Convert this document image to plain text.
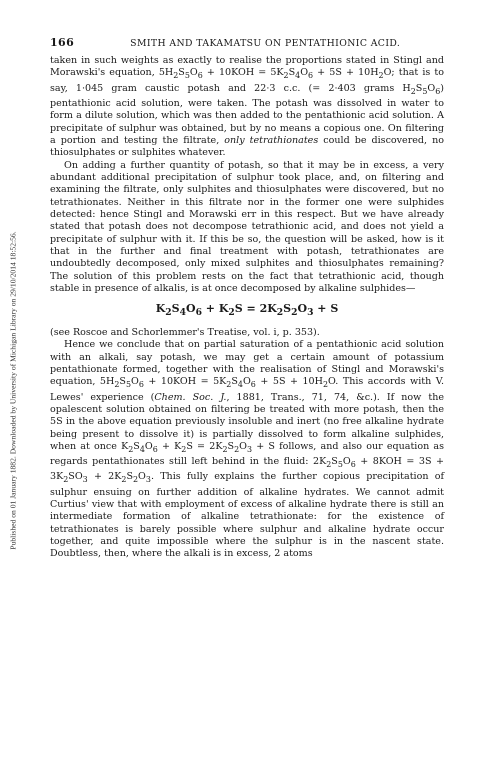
Published on 01 January 1882. Downloaded by University of Michigan Library on 29/10/2014 18:52:56.
166	SMITH AND TAKAMATSU ON PENTATHIONIC ACID.

taken in such weights as exactly to realise the proportions stated in Stingl and Morawski's equation, $5H_2S_5O_6 + 10KOH = 5K_2S_4O_6 + 5S + 10H_2O$; that is to say, 1·045 gram caustic potash and 22·3 c.c. (= 2·403 grams $H_2S_5O_6$) pentathionic acid solution, were taken. The potash was dissolved in water to form a dilute solution, which was then added to the pentathionic acid solution. A precipitate of sulphur was obtained, but by no means a copious one. On filtering a portion and testing the filtrate, only tetrathionates could be discovered, no thiosulphates or sulphites whatever.

On adding a further quantity of potash, so that it may be in excess, a very abundant additional precipitation of sulphur took place, and, on filtering and examining the filtrate, only sulphites and thiosulphates were discovered, but no tetrathionates. Neither in this filtrate nor in the former one were sulphides detected: hence Stingl and Morawski err in this respect. But we have already stated that potash does not decompose tetrathionic acid, and does not yield a precipitate of sulphur with it. If this be so, the question will be asked, how is it that in the further and final treatment with potash, tetrathionates are undoubtedly decomposed, only mixed sulphites and thiosulphates remaining? The solution of this problem rests on the fact that tetrathionic acid, though stable in presence of alkalis, is at once decomposed by alkaline sulphides—

$K_2S_4O_6 + K_2S = 2K_2S_2O_3 + S$

(see Roscoe and Schorlemmer's Treatise, vol. i, p. 353).

Hence we conclude that on partial saturation of a pentathionic acid solution with an alkali, say potash, we may get a certain amount of potassium pentathionate formed, together with the realisation of Stingl and Morawski's equation, $5H_2S_5O_6 + 10KOH = 5K_2S_4O_6 + 5S + 10H_2O$. This accords with V. Lewes' experience (Chem. Soc. J., 1881, Trans., 71, 74, &c.). If now the opalescent solution obtained on filtering be treated with more potash, then the 5S in the above equation previously insoluble and inert (no free alkaline hydrate being present to dissolve it) is partially dissolved to form alkaline sulphides, when at once $K_2S_4O_6 + K_2S = 2K_2S_2O_3 + S$ follows, and also our equation as regards pentathionates still left behind in the fluid: $2K_2S_5O_6 + 8KOH = 3S + 3K_2SO_3 + 2K_2S_2O_3$. This fully explains the further copious precipitation of sulphur ensuing on further addition of alkaline hydrates. We cannot admit Curtius' view that with employment of excess of alkaline hydrate there is still an intermediate formation of alkaline tetrathionate: for the existence of tetrathionates is barely possible where sulphur and alkaline hydrate occur together, and quite impossible where the sulphur is in the nascent state. Doubtless, then, where the alkali is in excess, 2 atoms
